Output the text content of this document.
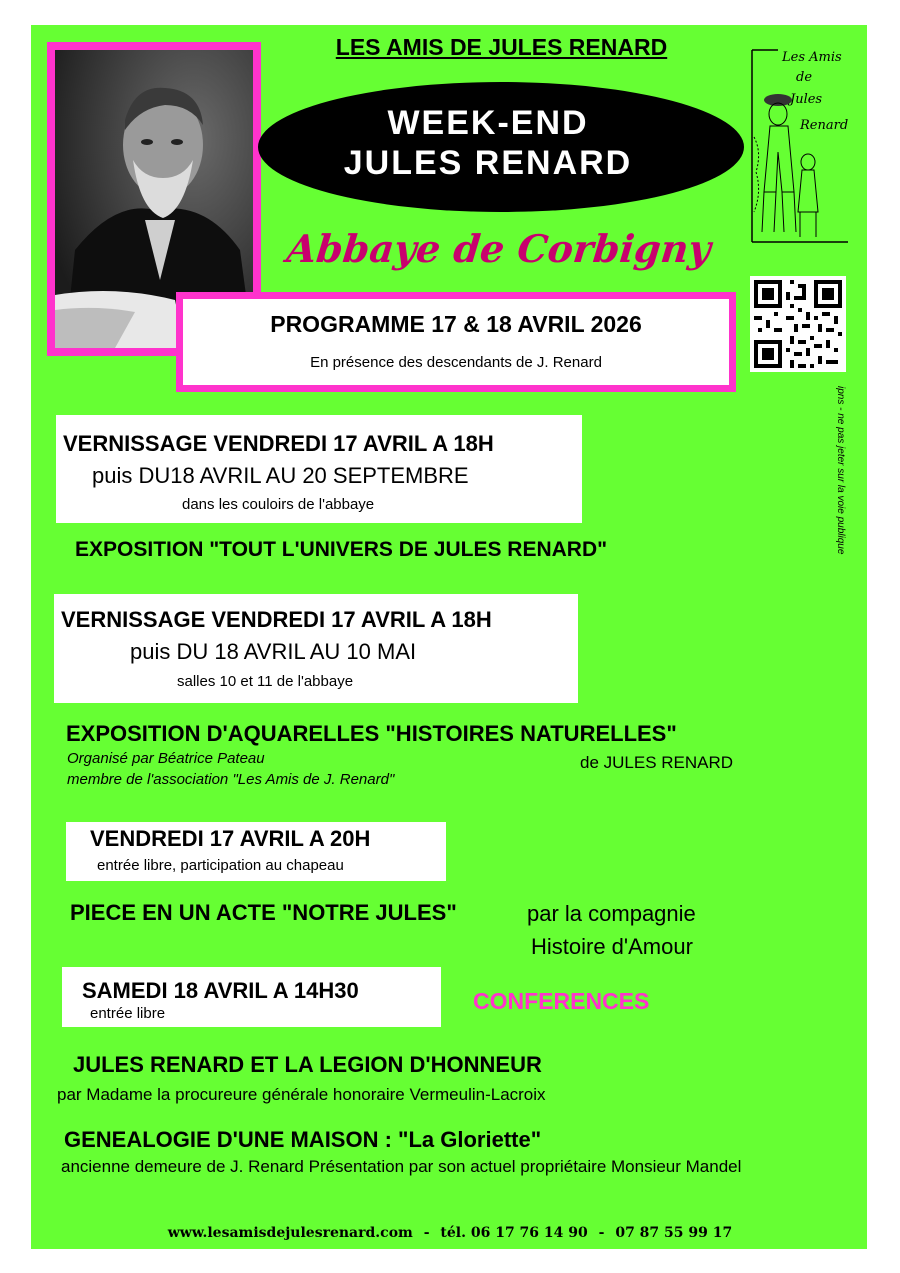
LES AMIS DE JULES RENARD
WEEK-END
JULES RENARD
Abbaye de Corbigny
Les Amis
de
Jules
Renard
ipns - ne pas jeter sur la voie publique
PROGRAMME 17 & 18 AVRIL 2026
En présence des descendants de J. Renard
VERNISSAGE VENDREDI 17 AVRIL A 18H
puis DU18 AVRIL AU 20 SEPTEMBRE
dans les couloirs de l'abbaye
EXPOSITION "TOUT L'UNIVERS DE JULES RENARD"
VERNISSAGE VENDREDI 17 AVRIL A 18H
puis DU 18 AVRIL AU 10 MAI
salles 10 et 11 de l'abbaye
EXPOSITION D'AQUARELLES "HISTOIRES NATURELLES"
Organisé par Béatrice Pateau
membre de l'association "Les Amis de J. Renard"
de JULES RENARD
VENDREDI 17 AVRIL A 20H
entrée libre, participation au chapeau
PIECE EN UN ACTE "NOTRE JULES"	par la compagnie
Histoire d'Amour
SAMEDI 18 AVRIL A 14H30
entrée libre	CONFERENCES
JULES RENARD ET LA LEGION D'HONNEUR
par Madame la procureure générale honoraire Vermeulin-Lacroix
GENEALOGIE D'UNE MAISON : "La Gloriette"
ancienne demeure de J. Renard Présentation par son actuel propriétaire Monsieur Mandel
www.lesamisdejulesrenard.com - tél. 06 17 76 14 90 - 07 87 55 99 17
